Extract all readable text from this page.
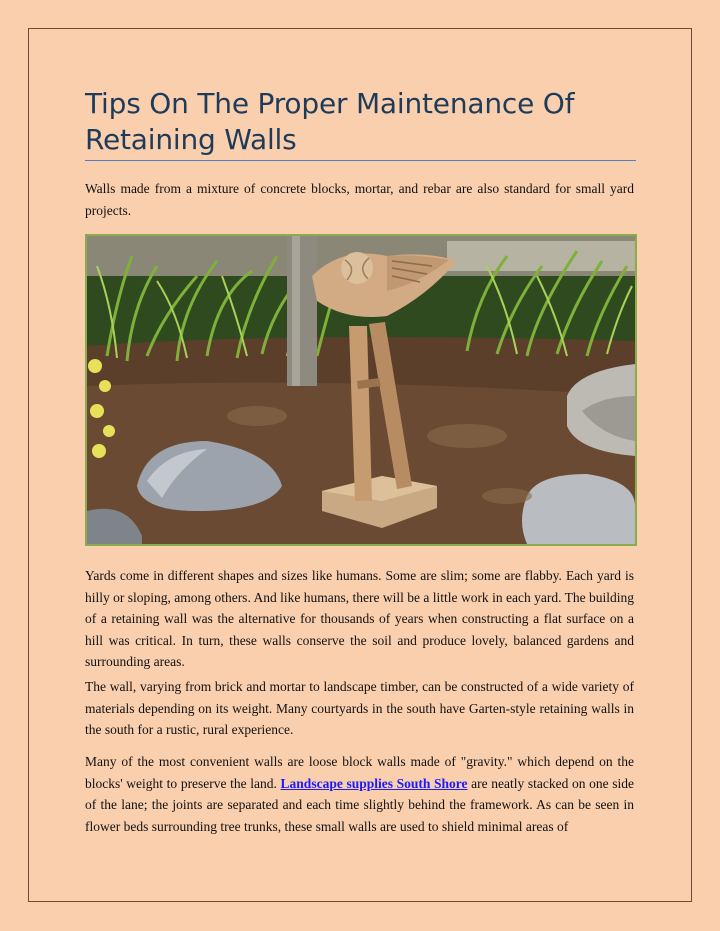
Tips On The Proper Maintenance Of Retaining Walls

Walls made from a mixture of concrete blocks, mortar, and rebar are also standard for small yard projects.

Yards come in different shapes and sizes like humans. Some are slim; some are flabby. Each yard is hilly or sloping, among others. And like humans, there will be a little work in each yard. The building of a retaining wall was the alternative for thousands of years when constructing a flat surface on a hill was critical. In turn, these walls conserve the soil and produce lovely, balanced gardens and surrounding areas.

The wall, varying from brick and mortar to landscape timber, can be constructed of a wide variety of materials depending on its weight. Many courtyards in the south have Garten-style retaining walls in the south for a rustic, rural experience.

Many of the most convenient walls are loose block walls made of "gravity." which depend on the blocks' weight to preserve the land. Landscape supplies South Shore are neatly stacked on one side of the lane; the joints are separated and each time slightly behind the framework. As can be seen in flower beds surrounding tree trunks, these small walls are used to shield minimal areas of
